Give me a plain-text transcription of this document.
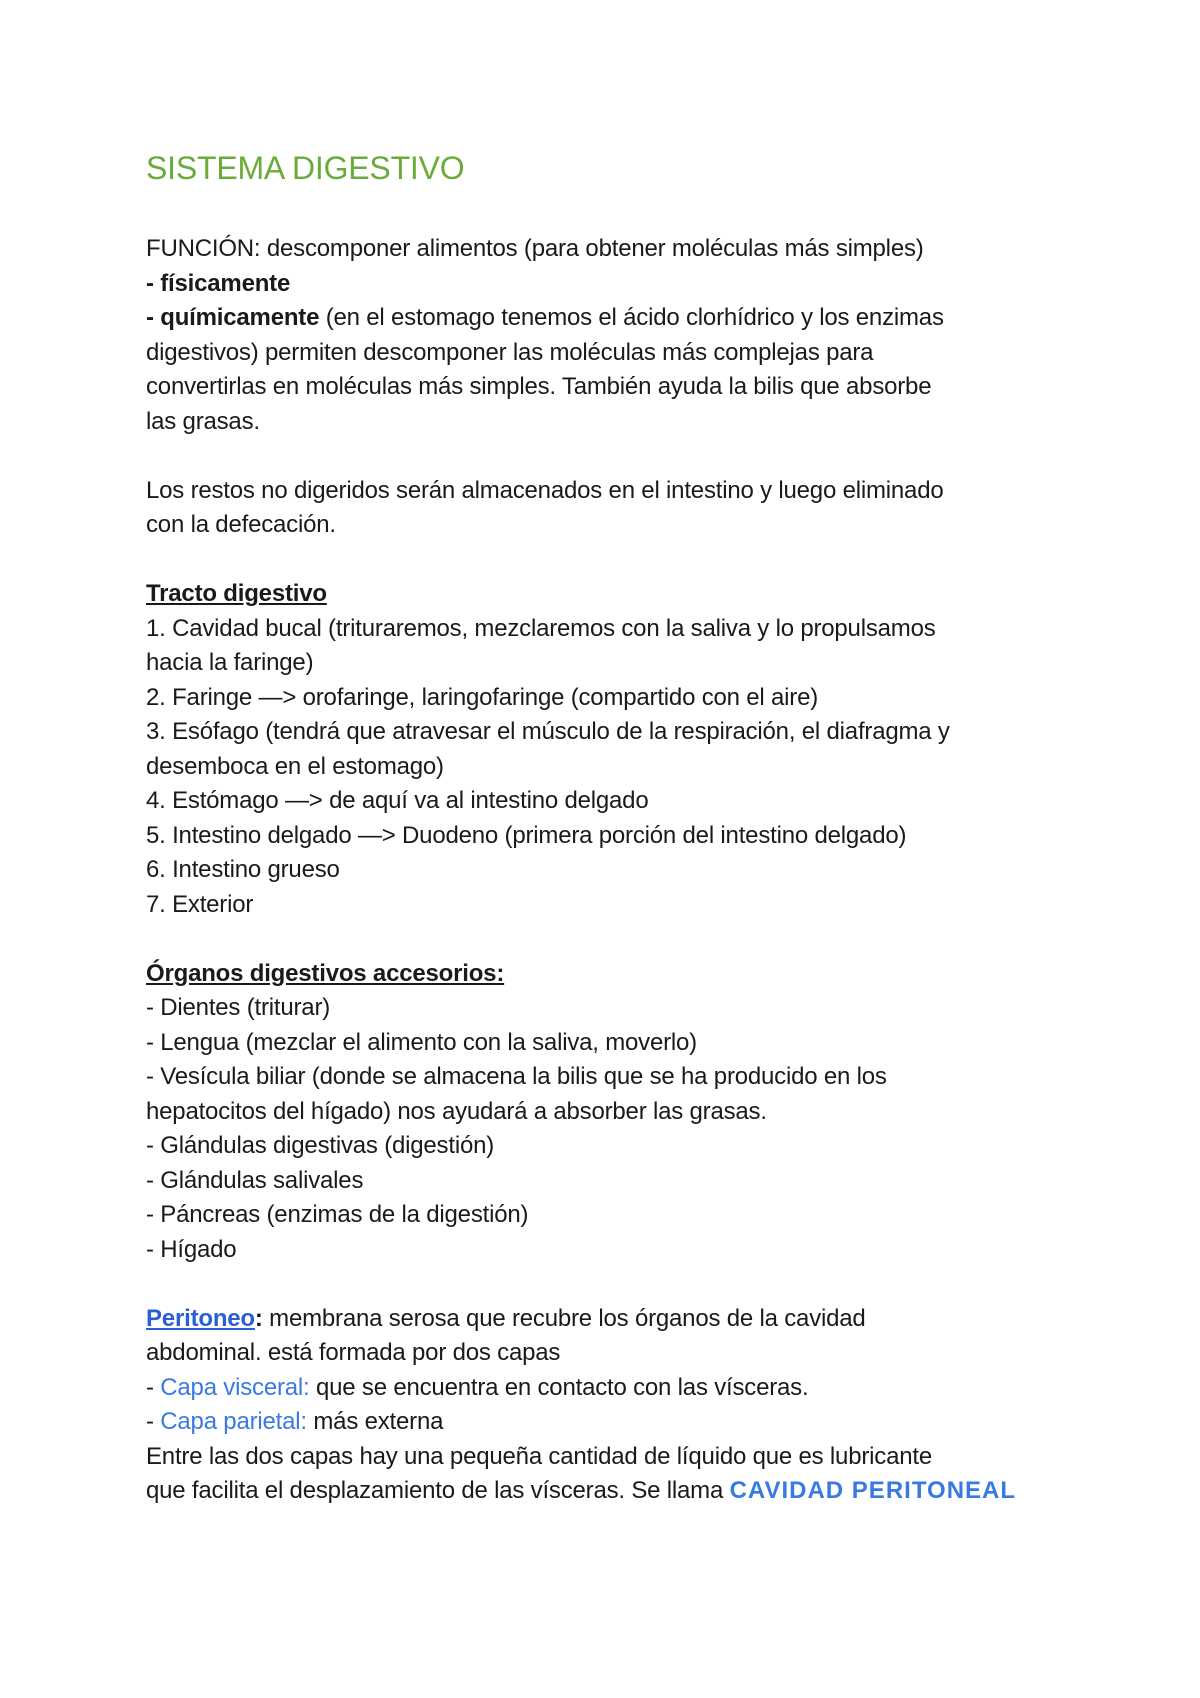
SISTEMA DIGESTIVO

FUNCIÓN: descomponer alimentos (para obtener moléculas más simples)

- físicamente

- químicamente (en el estomago tenemos el ácido clorhídrico y los enzimas

digestivos) permiten descomponer las moléculas más complejas para

convertirlas en moléculas más simples. También ayuda la bilis que absorbe

las grasas.

Los restos no digeridos serán almacenados en el intestino y luego eliminado

con la defecación.

Tracto digestivo

1. Cavidad bucal (trituraremos, mezclaremos con la saliva y lo propulsamos

hacia la faringe)

2. Faringe —> orofaringe, laringofaringe (compartido con el aire)

3. Esófago (tendrá que atravesar el músculo de la respiración, el diafragma y

desemboca en el estomago)

4. Estómago —> de aquí va al intestino delgado

5. Intestino delgado —> Duodeno (primera porción del intestino delgado)

6. Intestino grueso

7. Exterior

Órganos digestivos accesorios:

- Dientes (triturar)

- Lengua (mezclar el alimento con la saliva, moverlo)

- Vesícula biliar (donde se almacena la bilis que se ha producido en los

hepatocitos del hígado) nos ayudará a absorber las grasas.

- Glándulas digestivas (digestión)

- Glándulas salivales

- Páncreas (enzimas de la digestión)

- Hígado

Peritoneo: membrana serosa que recubre los órganos de la cavidad

abdominal. está formada por dos capas

- Capa visceral: que se encuentra en contacto con las vísceras.

- Capa parietal: más externa

Entre las dos capas hay una pequeña cantidad de líquido que es lubricante

que facilita el desplazamiento de las vísceras. Se llama CAVIDAD PERITONEAL
